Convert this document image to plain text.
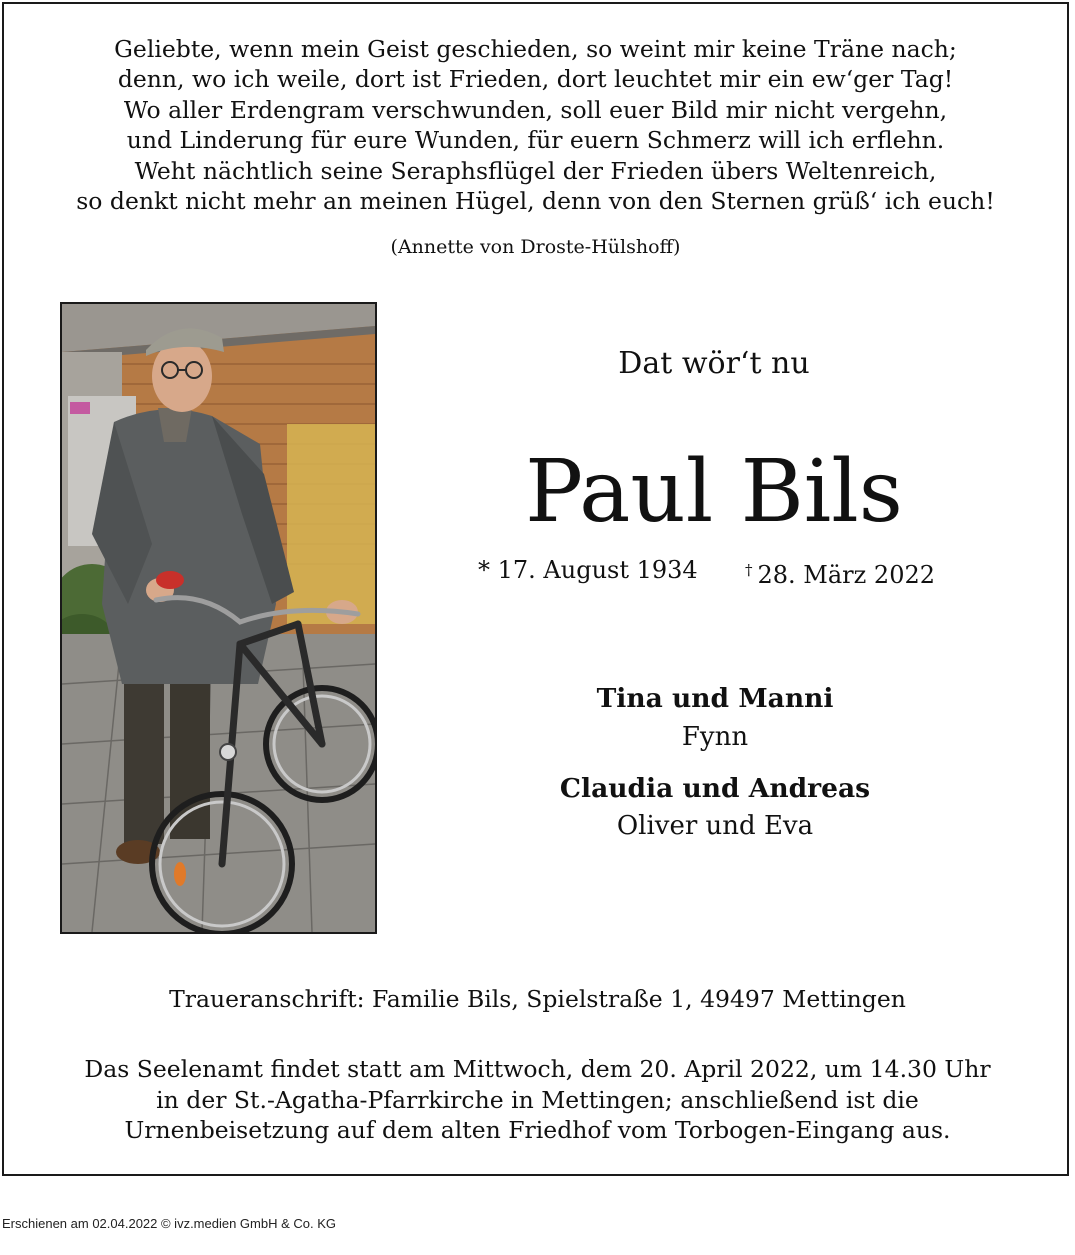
Geliebte, wenn mein Geist geschieden, so weint mir keine Träne nach;
denn, wo ich weile, dort ist Frieden, dort leuchtet mir ein ew‘ger Tag!
Wo aller Erdengram verschwunden, soll euer Bild mir nicht vergehn,
und Linderung für eure Wunden, für euern Schmerz will ich erflehn.
Weht nächtlich seine Seraphsflügel der Frieden übers Weltenreich,
so denkt nicht mehr an meinen Hügel, denn von den Sternen grüß‘ ich euch!
(Annette von Droste-Hülshoff)
Dat wör‘t nu
Paul Bils
* 17. August 1934	† 28. März 2022
Tina und Manni
Fynn
Claudia und Andreas
Oliver und Eva
Traueranschrift: Familie Bils, Spielstraße 1, 49497 Mettingen
Das Seelenamt findet statt am Mittwoch, dem 20. April 2022, um 14.30 Uhr
in der St.-Agatha-Pfarrkirche in Mettingen; anschließend ist die
Urnenbeisetzung auf dem alten Friedhof vom Torbogen-Eingang aus.
Erschienen am 02.04.2022 © ivz.medien GmbH & Co. KG
